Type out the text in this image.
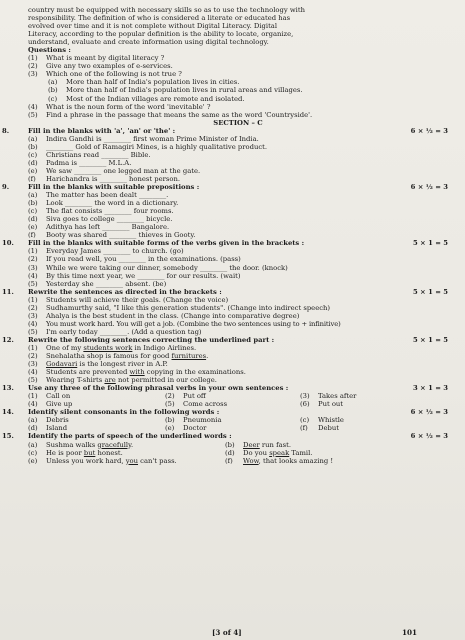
country must be equipped with necessary skills so as to use the technology with
responsibility. The definition of who is considered a literate or educated has
evolved over time and it is not complete without Digital Literacy. Digital
Literacy, according to the popular definition is the ability to locate, organize,
understand, evaluate and create information using digital technology.
Questions :
(1) What is meant by digital literacy ?
(2) Give any two examples of e-services.
(3) Which one of the following is not true ?
(a) More than half of India's population lives in cities.
(b) More than half of India's population lives in rural areas and villages.
(c) Most of the Indian villages are remote and isolated.
(4) What is the noun form of the word 'inevitable' ?
(5) Find a phrase in the passage that means the same as the word 'Countryside'.
SECTION – C
8.	Fill in the blanks with 'a', 'an' or 'the' :	6 × ½ = 3
(a) Indira Gandhi is ________ first woman Prime Minister of India.
(b) ________ Gold of Ramagiri Mines, is a highly qualitative product.
(c) Christians read ________ Bible.
(d) Padma is ________ M.L.A.
(e) We saw ________ one legged man at the gate.
(f) Harichandra is ________ honest person.
9.	Fill in the blanks with suitable prepositions :	6 × ½ = 3
(a) The matter has been dealt ________.
(b) Look ________ the word in a dictionary.
(c) The flat consists ________ four rooms.
(d) Siva goes to college ________ bicycle.
(e) Adithya has left ________ Bangalore.
(f) Booty was shared ________ thieves in Gooty.
10. Fill in the blanks with suitable forms of the verbs given in the brackets :	5 × 1 = 5
(1) Everyday James ________ to church. (go)
(2) If you read well, you ________ in the examinations. (pass)
(3) While we were taking our dinner, somebody ________ the door. (knock)
(4) By this time next year, we ________ for our results. (wait)
(5) Yesterday she ________ absent. (be)
11. Rewrite the sentences as directed in the brackets :	5 × 1 = 5
(1) Students will achieve their goals. (Change the voice)
(2) Sudhamurthy said, "I like this generation students". (Change into indirect speech)
(3) Ahalya is the best student in the class. (Change into comparative degree)
(4) You must work hard. You will get a job. (Combine the two sentences using to + infinitive)
(5) I'm early today ________. (Add a question tag)
12. Rewrite the following sentences correcting the underlined part :	5 × 1 = 5
(1) One of my students work in Indigo Airlines.
(2) Snehalatha shop is famous for good furnitures.
(3) Godavari is the longest river in A.P.
(4) Students are prevented with copying in the examinations.
(5) Wearing T-shirts are not permitted in our college.
13. Use any three of the following phrasal verbs in your own sentences :	3 × 1 = 3
(1) Call on	(2) Put off	(3) Takes after
(4) Give up	(5) Come across	(6) Put out
14. Identify silent consonants in the following words :	6 × ½ = 3
(a) Debris	(b) Pneumonia	(c) Whistle
(d) Island	(e) Doctor	(f) Debut
15. Identify the parts of speech of the underlined words :	6 × ½ = 3
(a) Sushma walks gracefully.	(b) Deer run fast.
(c) He is poor but honest.	(d) Do you speak Tamil.
(e) Unless you work hard, you can't pass.	(f) Wow, that looks amazing !
[3 of 4]	101
